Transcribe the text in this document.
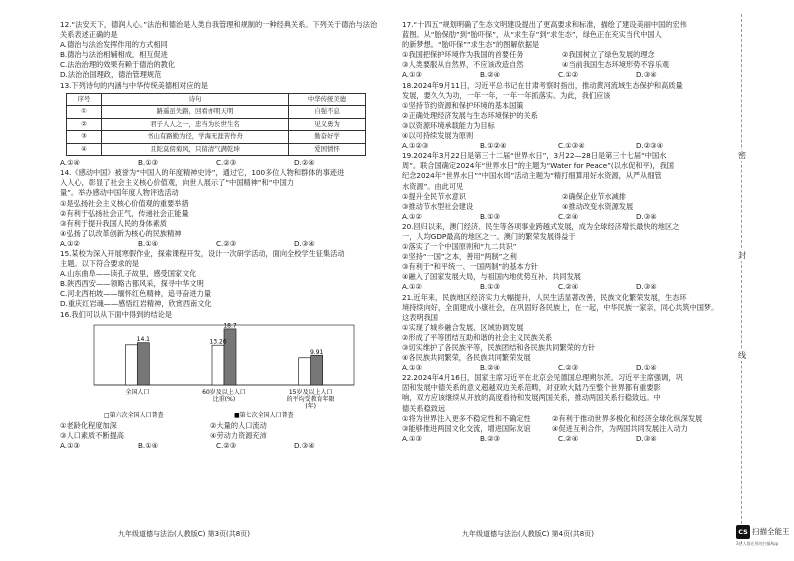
12.“法安天下，德润人心。”法治和德治是人类自我管理和规制的一种经典关系。下列关于德治与法治关系表述正确的是

A.德治与法治发挥作用的方式相同

B.德治与法治相辅相成，相互促进

C.法治治理的效果有赖于德治的教化

D.法治治国理政，德治管理规范

13.下列诗句的内涵与中华传统美德相对应的是

序号	诗句	中华传统美德
①	路遥虽失路，回看亦明天明	自强不息
②	君子人人之一，忠当为长世生名	见义勇为
③	书山有路勤为径，学海无涯苦作舟	勤奋好学
④	且陀莫傍菊风，只留清气满乾坤	爱国情怀

A.①④	B.①③	C.②③	D.②④

14.《感动中国》被誉为“中国人的年度精神史诗”，通过它，100多位人物和群体的事迹进

入人心，彰显了社会主义核心价值观，向世人展示了“中国精神”和“中国力

量”。举办感动中国年度人物评选活动

①是弘扬社会主义核心价值观的重要举措

②有利于弘扬社会正气，传递社会正能量

③有利于提升我国人民的身体素质

④弘扬了以改革创新为核心的民族精神

A.①②	B.①④	C.②③	D.③④

15.某校为深入开展寒假作业，探索课程开发，设计一次研学活动，面向全校学生征集活动

主题。以下符合要求的是

A.山东曲阜——读孔子故里，感受国家文化

B.陕西西安——领略古都风采，探寻中华文明

C.河北西柏坡——缅怀红色精神，追寻奋进力量

D.重庆红岩魂——感悟红岩精神，欣赏西南文化

16.我们可以从下面中得到的结论是

全国人口	60岁及以上人口
比重(%)
15岁及以上人口
的平均受教育年限
(年)
14.1	13.26
18.7
9.91
□第六次全国人口普查	■第七次全国人口普查

①老龄化程度加深	②大量的人口流动

③人口素质不断提高	④劳动力资源充沛

A.①③	B.①④	C.②③	D.③④

17.“十四五”规划明确了生态文明建设提出了更高要求和标准，描绘了建设美丽中国的宏伟

蓝图。从“胎保肋”到“胎吓保”，从“求生存”到“求生态”，绿色正在充实当代中国人

的新梦想。“胎吓保”“求生态”的图解依据是

①我国把保护环境作为我国的首要任务	②我国树立了绿色发展的理念

③人类要服从自然界，不应该改造自然	④当前我国生态环境形势不容乐观

A.①③	B.②④	C.①②	D.③④

18.2024年9月11日，习近平总书记在甘肃考察时指出，推动黄河流域生态保护和高质量

发展，要久久为功，一年一年，一年一年抓落实。为此，我们应该

①坚持节约资源和保护环境的基本国策

②正确处理经济发展与生态环境保护的关系

③以资源环境承载能力为目标

④以可持续发展为原则

A.①②③	B.①②④	C.①③④	D.②③④

19.2024年3月22日是第三十二届“世界水日”，3月22—28日是第三十七届“中国水

周”。联合国确定2024年“世界水日”的主题为“Water for Peace”(以水促和平)，我国

纪念2024年“世界水日”“中国水周”活动主题为“精打细算用好水资源，从严从细管

水资源”。由此可见

①提升全民节水意识	②确保企业节水减排

③推动节水型社会建设	④推动改变水资源发展

A.①②	B.①③	C.②④	D.③④

20.回归以来，澳门经济、民生等各项事业跨越式发展，成为全球经济增长最快的地区之

一，人均GDP最高的地区之一。澳门的繁荣发展得益于

①落实了一个中国原则和“九二共识”

②坚持“一国”之本，善用“两制”之利

③有利于“和平统一、一国两制”的基本方针

④融入了国家发展大局，与祖国内地优势互补、共同发展

A.①②	B.①③	C.②④	D.③④

21.近年来，民族地区经济实力大幅提升，人民生活显著改善，民族文化繁荣发展，生态环

境持续向好，全面建成小康社会，在巩固好各民族上，在一起，中华民族一家亲，同心共筑中国梦。

这表明我国

①实现了城乡融合发展、区域协调发展

②形成了平等团结互助和谐的社会主义民族关系

③切实维护了各民族平等，民族团结和各民族共同繁荣的方针

④各民族共同繁荣，各民族共同繁荣发展

A.①③	B.②④	C.②③	D.①④

22.2024年4月16日，国家主席习近平在北京会见德国总理朔尔茨。习近平主席强调，巩

固和发展中德关系的意义超越双边关系范畴，对亚欧大陆乃至整个世界都有重要影

响，双方应该继续从开放的高度看待和发展两国关系，推动两国关系行稳致远。中

德关系稳致远

①将为世界注入更多不稳定性和不确定性	②有利于推动世界多极化和经济全球化纵深发展

③能够推进两国文化交流，增进国际友谊	④促进互利合作，为两国共同发展注入动力

A.①③	B.②③	C.②④	D.③④

九年级道德与法治(人教版C) 第3页(共8页)	九年级道德与法治(人教版C) 第4页(共8页)
密
封
线
CS 扫描全能王
3亿人都在用的扫描App
